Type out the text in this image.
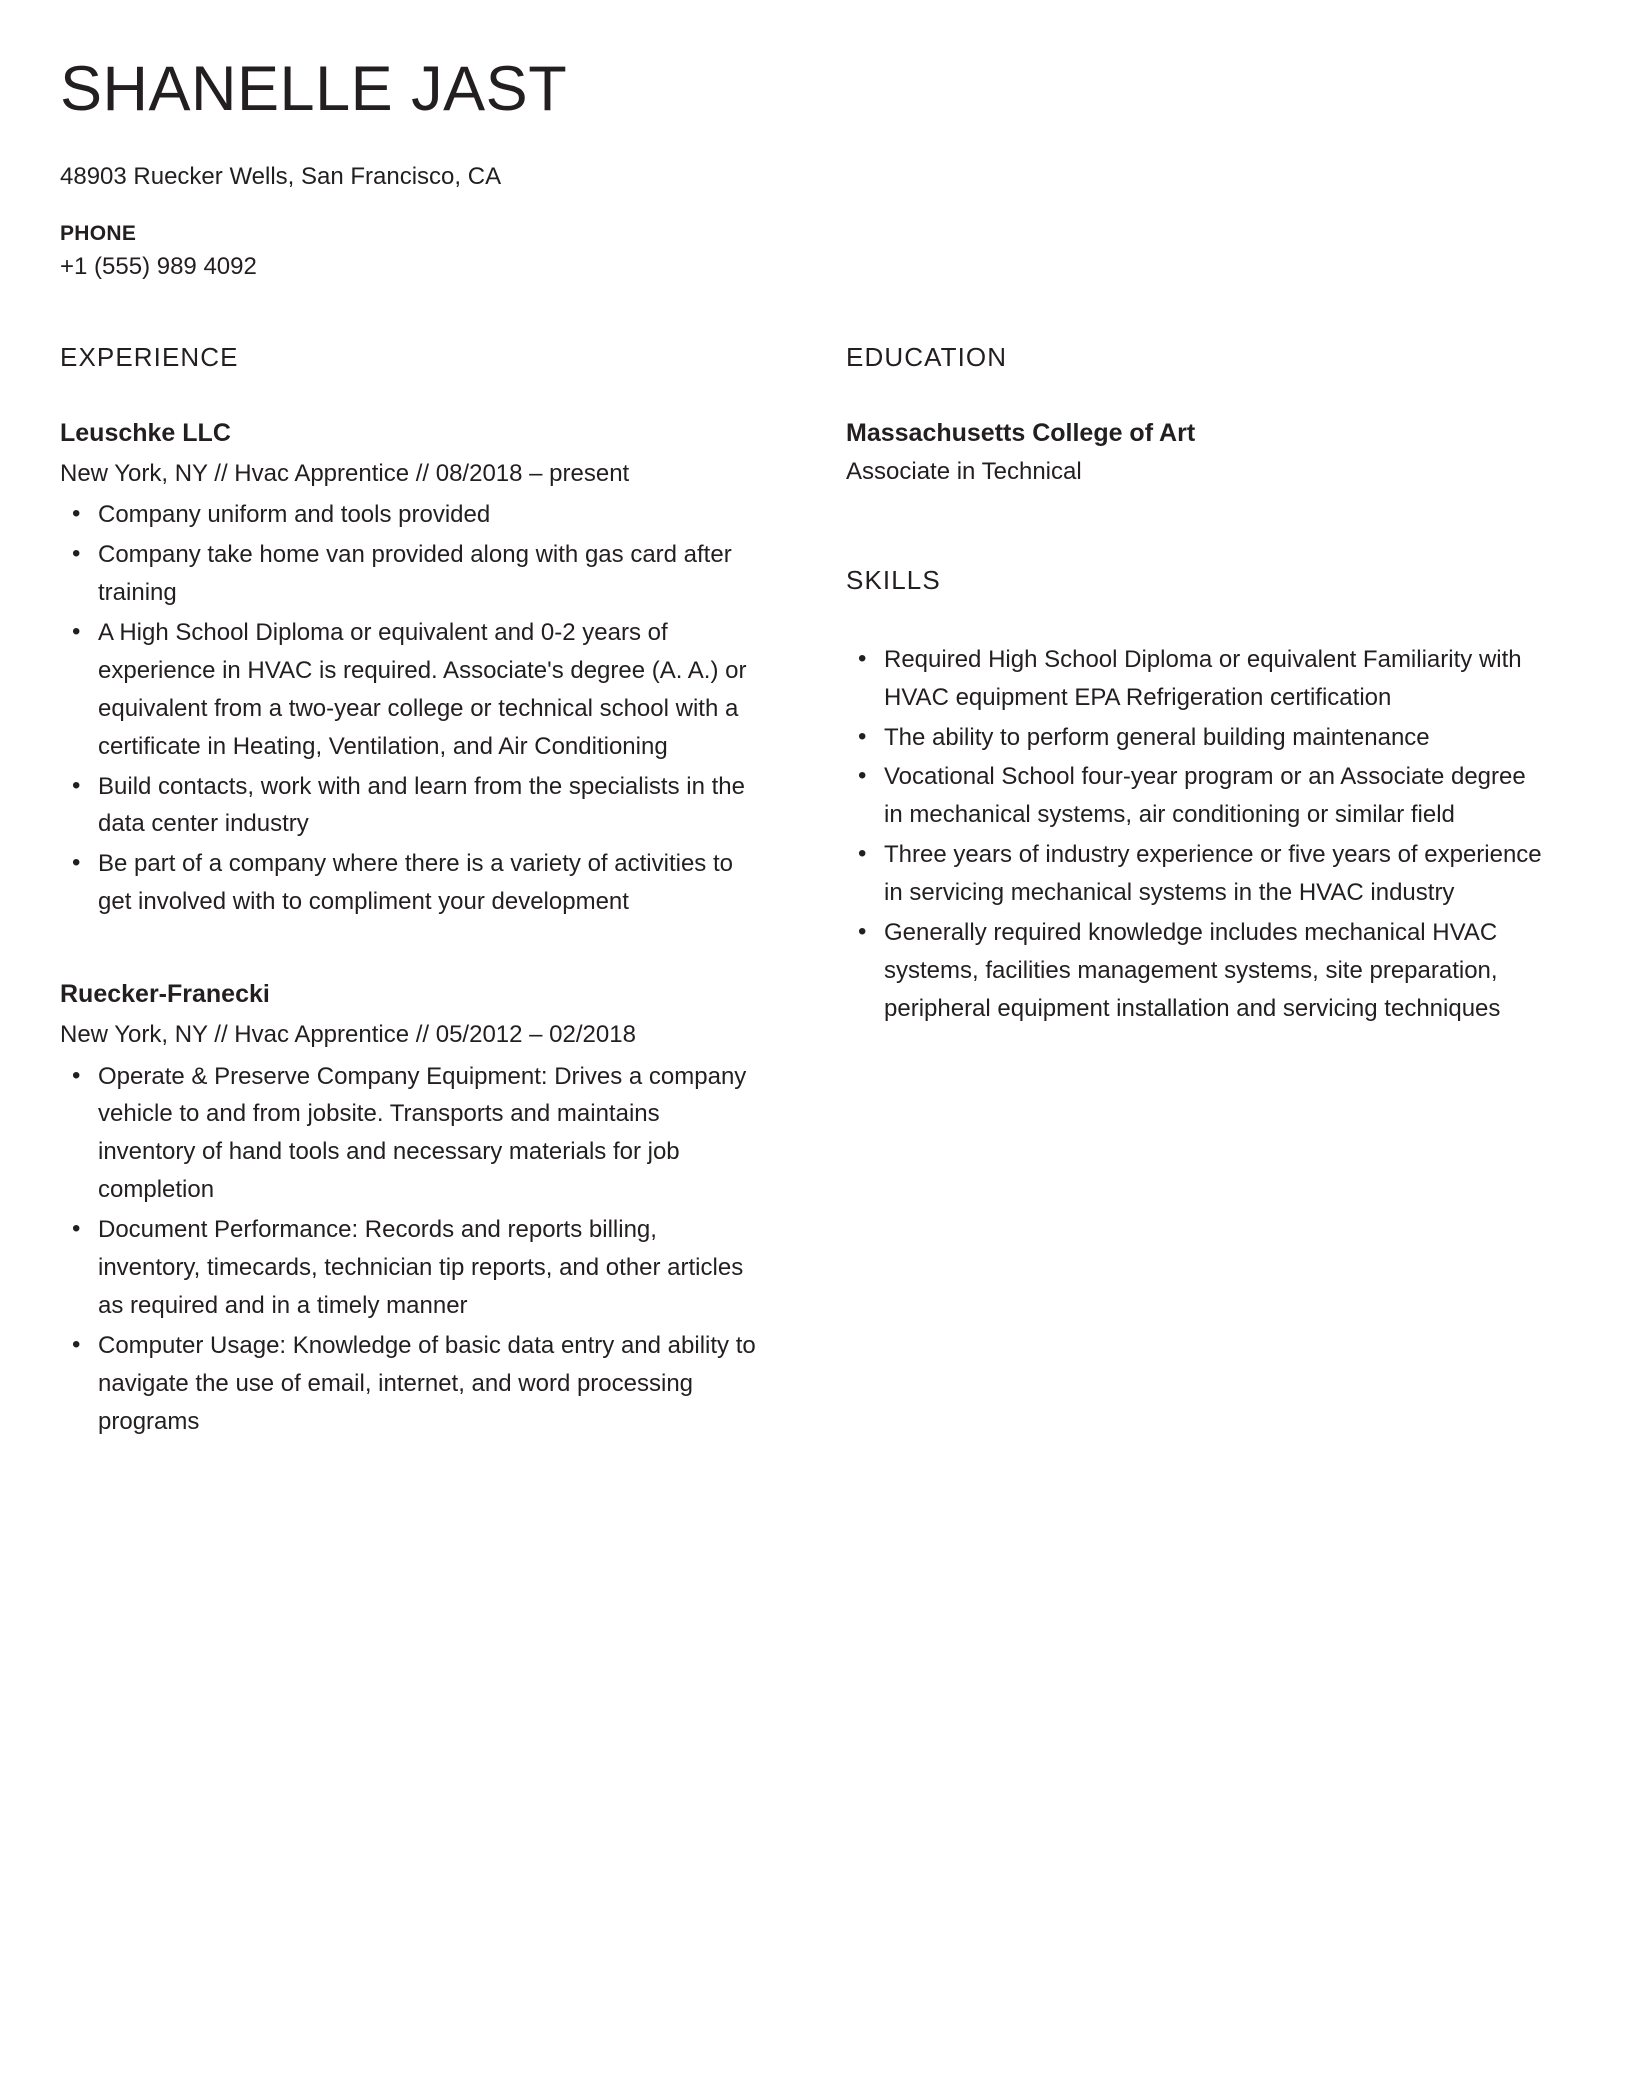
SHANELLE JAST
48903 Ruecker Wells, San Francisco, CA
PHONE
+1 (555) 989 4092
EXPERIENCE
Leuschke LLC
New York, NY // Hvac Apprentice // 08/2018 – present
• Company uniform and tools provided
• Company take home van provided along with gas card after training
• A High School Diploma or equivalent and 0-2 years of experience in HVAC is required. Associate's degree (A. A.) or equivalent from a two-year college or technical school with a certificate in Heating, Ventilation, and Air Conditioning
• Build contacts, work with and learn from the specialists in the data center industry
• Be part of a company where there is a variety of activities to get involved with to compliment your development
Ruecker-Franecki
New York, NY // Hvac Apprentice // 05/2012 – 02/2018
• Operate & Preserve Company Equipment: Drives a company vehicle to and from jobsite. Transports and maintains inventory of hand tools and necessary materials for job completion
• Document Performance: Records and reports billing, inventory, timecards, technician tip reports, and other articles as required and in a timely manner
• Computer Usage: Knowledge of basic data entry and ability to navigate the use of email, internet, and word processing programs
EDUCATION
Massachusetts College of Art
Associate in Technical
SKILLS
• Required High School Diploma or equivalent Familiarity with HVAC equipment EPA Refrigeration certification
• The ability to perform general building maintenance
• Vocational School four-year program or an Associate degree in mechanical systems, air conditioning or similar field
• Three years of industry experience or five years of experience in servicing mechanical systems in the HVAC industry
• Generally required knowledge includes mechanical HVAC systems, facilities management systems, site preparation, peripheral equipment installation and servicing techniques
